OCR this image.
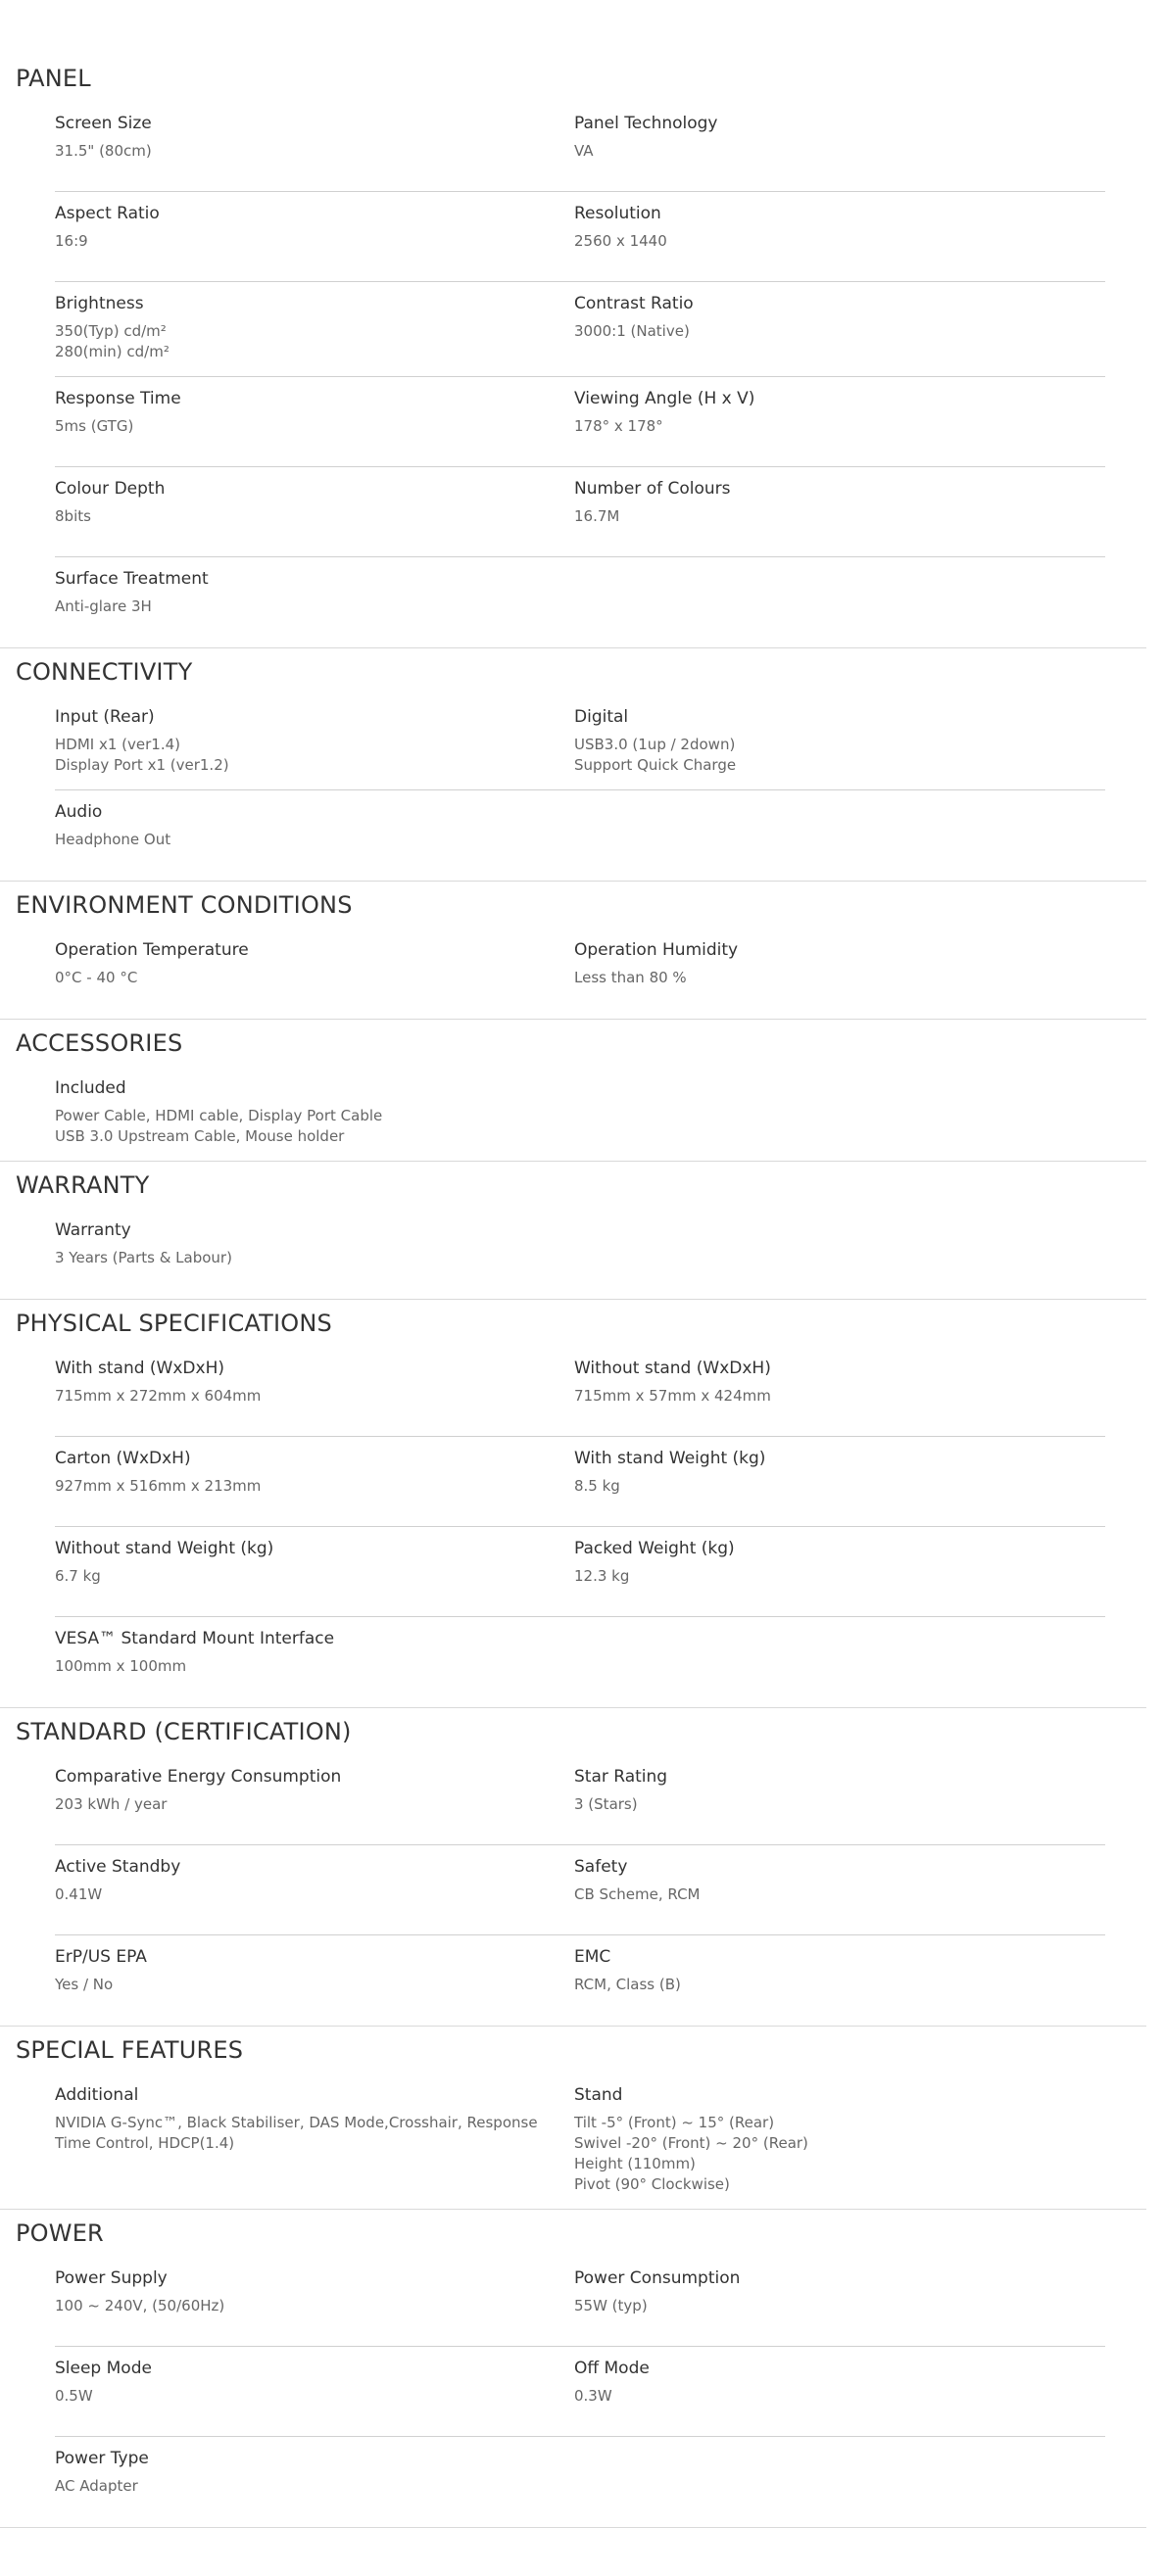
PANEL
Screen Size
31.5" (80cm)
Panel Technology
VA
Aspect Ratio
16:9
Resolution
2560 x 1440
Brightness
350(Typ) cd/m²
280(min) cd/m²
Contrast Ratio
3000:1 (Native)
Response Time
5ms (GTG)
Viewing Angle (H x V)
178° x 178°
Colour Depth
8bits
Number of Colours
16.7M
Surface Treatment
Anti-glare 3H
CONNECTIVITY
Input (Rear)
HDMI x1 (ver1.4)
Display Port x1 (ver1.2)
Digital
USB3.0 (1up / 2down)
Support Quick Charge
Audio
Headphone Out
ENVIRONMENT CONDITIONS
Operation Temperature
0°C - 40 °C
Operation Humidity
Less than 80 %
ACCESSORIES
Included
Power Cable, HDMI cable, Display Port Cable
USB 3.0 Upstream Cable, Mouse holder
WARRANTY
Warranty
3 Years (Parts & Labour)
PHYSICAL SPECIFICATIONS
With stand (WxDxH)
715mm x 272mm x 604mm
Without stand (WxDxH)
715mm x 57mm x 424mm
Carton (WxDxH)
927mm x 516mm x 213mm
With stand Weight (kg)
8.5 kg
Without stand Weight (kg)
6.7 kg
Packed Weight (kg)
12.3 kg
VESA™ Standard Mount Interface
100mm x 100mm
STANDARD (CERTIFICATION)
Comparative Energy Consumption
203 kWh / year
Star Rating
3 (Stars)
Active Standby
0.41W
Safety
CB Scheme, RCM
ErP/US EPA
Yes / No
EMC
RCM, Class (B)
SPECIAL FEATURES
Additional
NVIDIA G-Sync™, Black Stabiliser, DAS Mode,Crosshair, Response Time Control, HDCP(1.4)
Stand
Tilt -5° (Front) ~ 15° (Rear)
Swivel -20° (Front) ~ 20° (Rear)
Height (110mm)
Pivot (90° Clockwise)
POWER
Power Supply
100 ~ 240V, (50/60Hz)
Power Consumption
55W (typ)
Sleep Mode
0.5W
Off Mode
0.3W
Power Type
AC Adapter
